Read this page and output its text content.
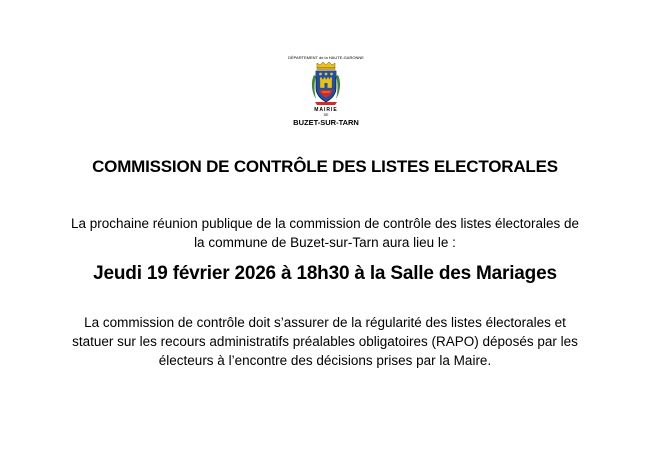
DÉPARTEMENT de la HAUTE-GARONNE
MAIRIE
DE
BUZET-SUR-TARN
COMMISSION DE CONTRÔLE DES LISTES ELECTORALES
La prochaine réunion publique de la commission de contrôle des listes électorales de
la commune de Buzet-sur-Tarn aura lieu le :
Jeudi 19 février 2026 à 18h30 à la Salle des Mariages
La commission de contrôle doit s’assurer de la régularité des listes électorales et
statuer sur les recours administratifs préalables obligatoires (RAPO) déposés par les
électeurs à l’encontre des décisions prises par la Maire.
